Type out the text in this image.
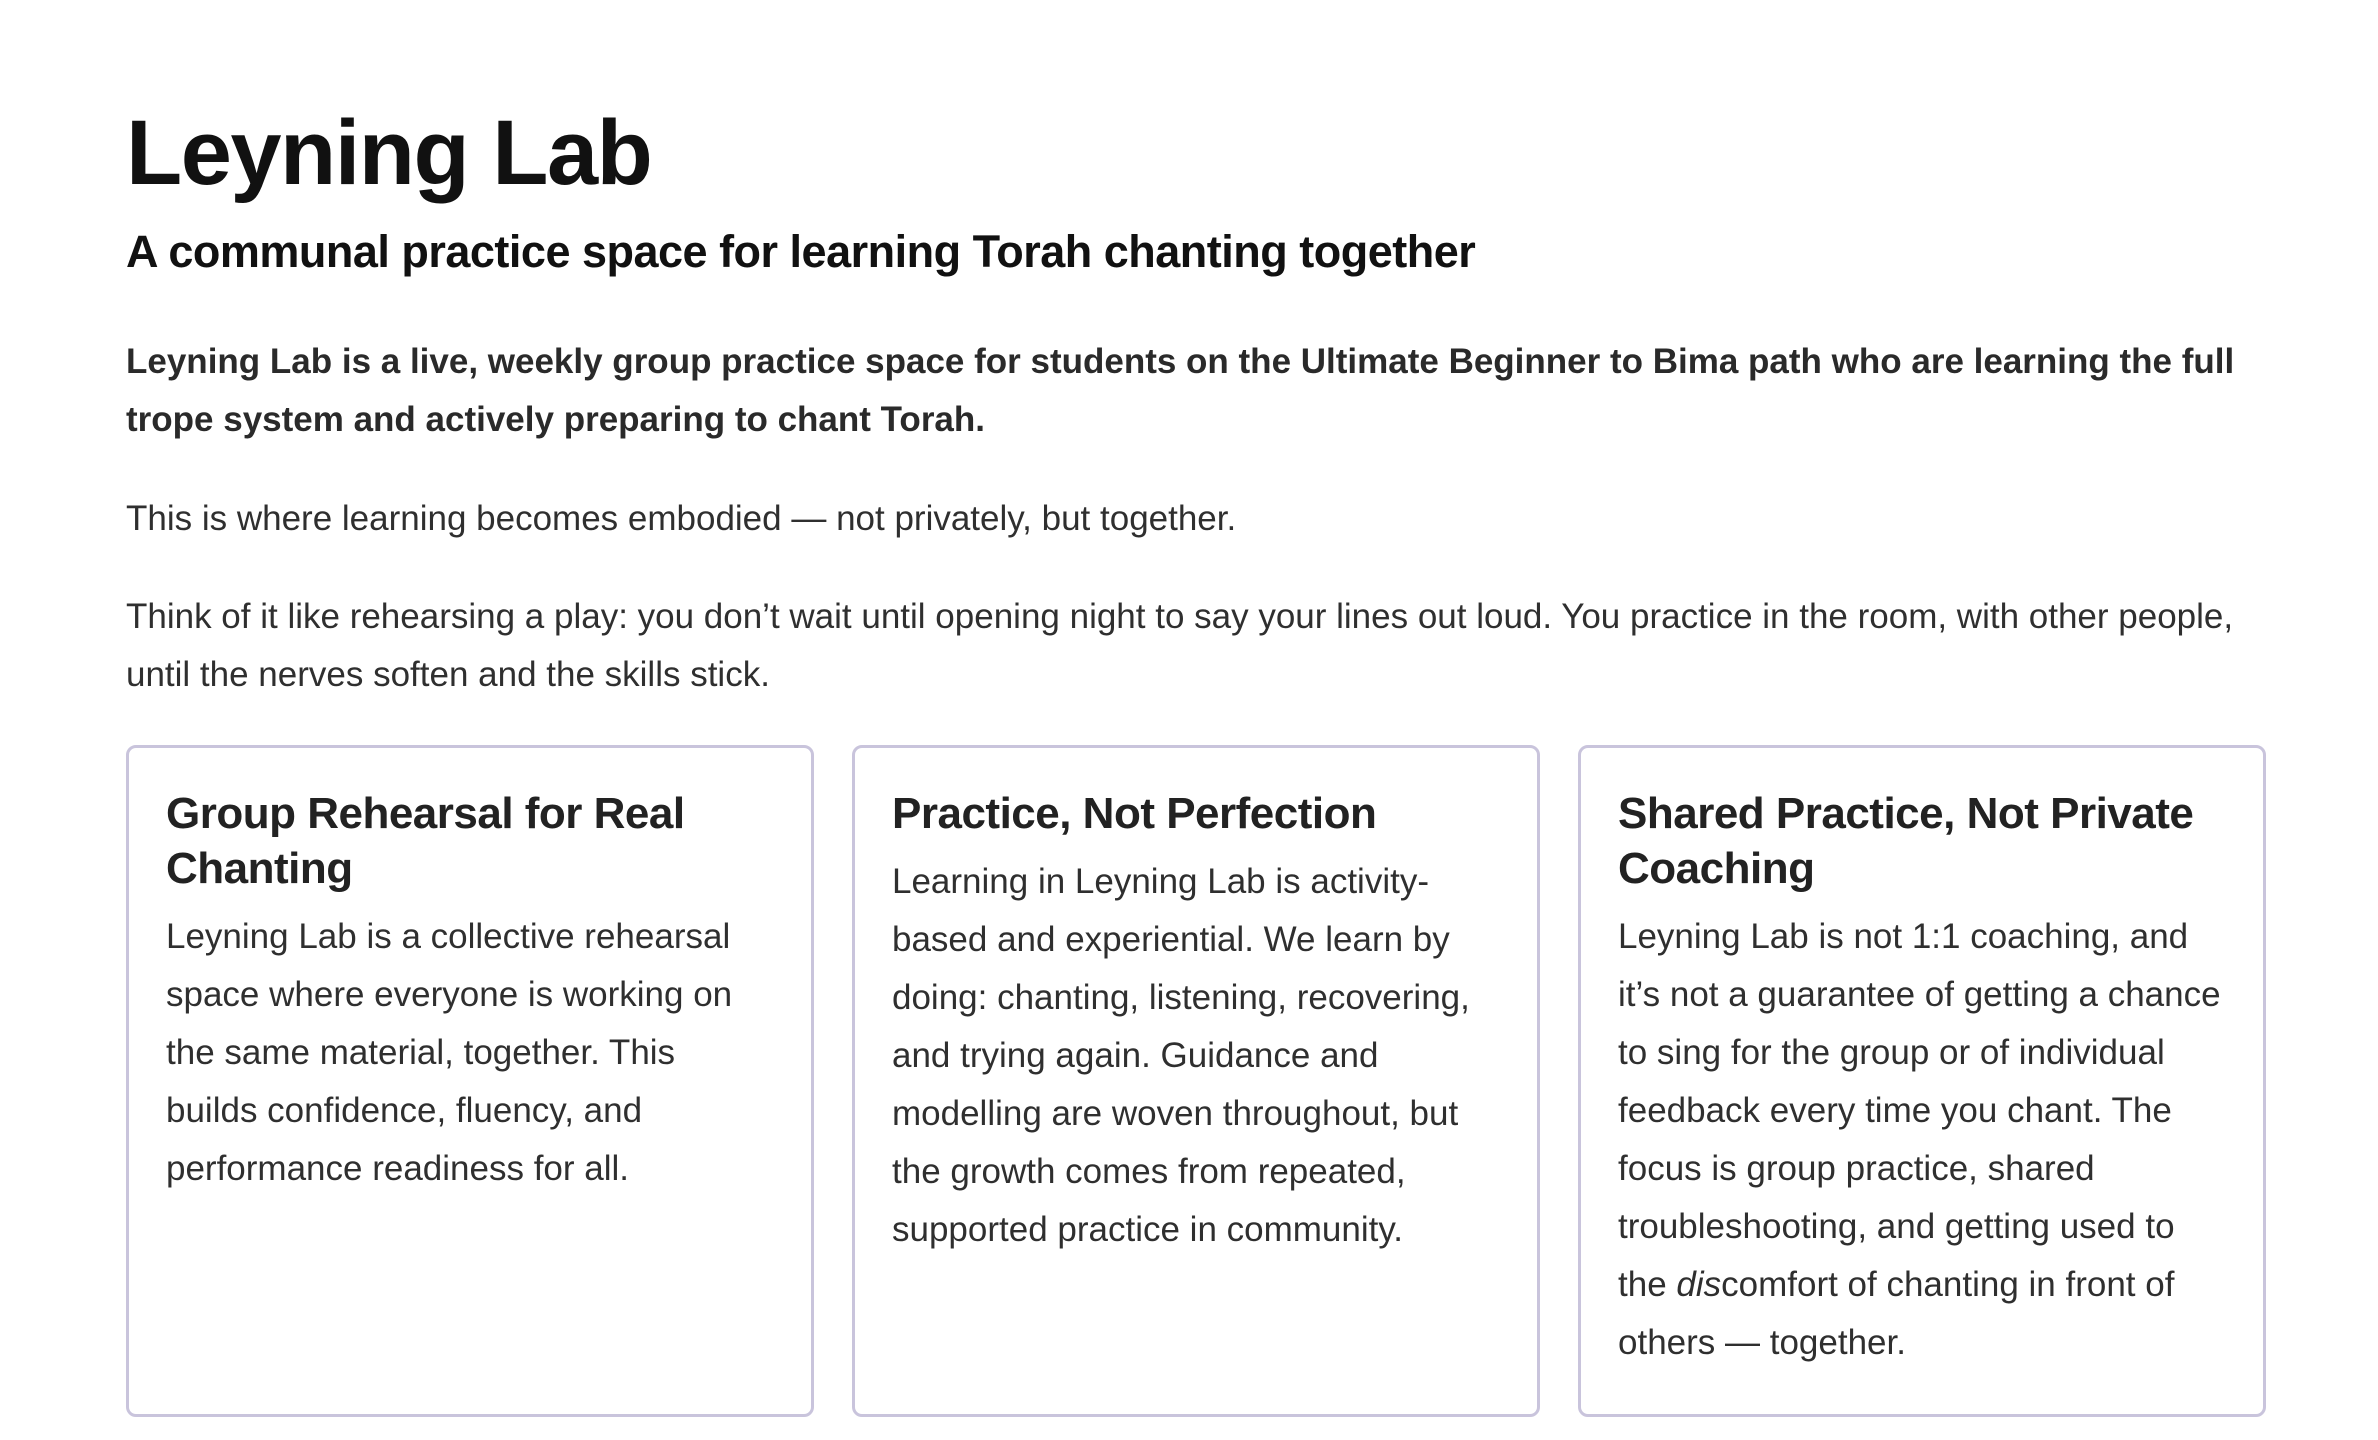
Leyning Lab
A communal practice space for learning Torah chanting together

Leyning Lab is a live, weekly group practice space for students on the Ultimate Beginner to Bima path who are learning the full trope system and actively preparing to chant Torah.

This is where learning becomes embodied — not privately, but together.

Think of it like rehearsing a play: you don’t wait until opening night to say your lines out loud. You practice in the room, with other people, until the nerves soften and the skills stick.

Group Rehearsal for Real Chanting

Leyning Lab is a collective rehearsal space where everyone is working on the same material, together. This builds confidence, fluency, and performance readiness for all.

Practice, Not Perfection

Learning in Leyning Lab is activity-based and experiential. We learn by doing: chanting, listening, recovering, and trying again. Guidance and modelling are woven throughout, but the growth comes from repeated, supported practice in community.

Shared Practice, Not Private Coaching

Leyning Lab is not 1:1 coaching, and it’s not a guarantee of getting a chance to sing for the group or of individual feedback every time you chant. The focus is group practice, shared troubleshooting, and getting used to the discomfort of chanting in front of others — together.
